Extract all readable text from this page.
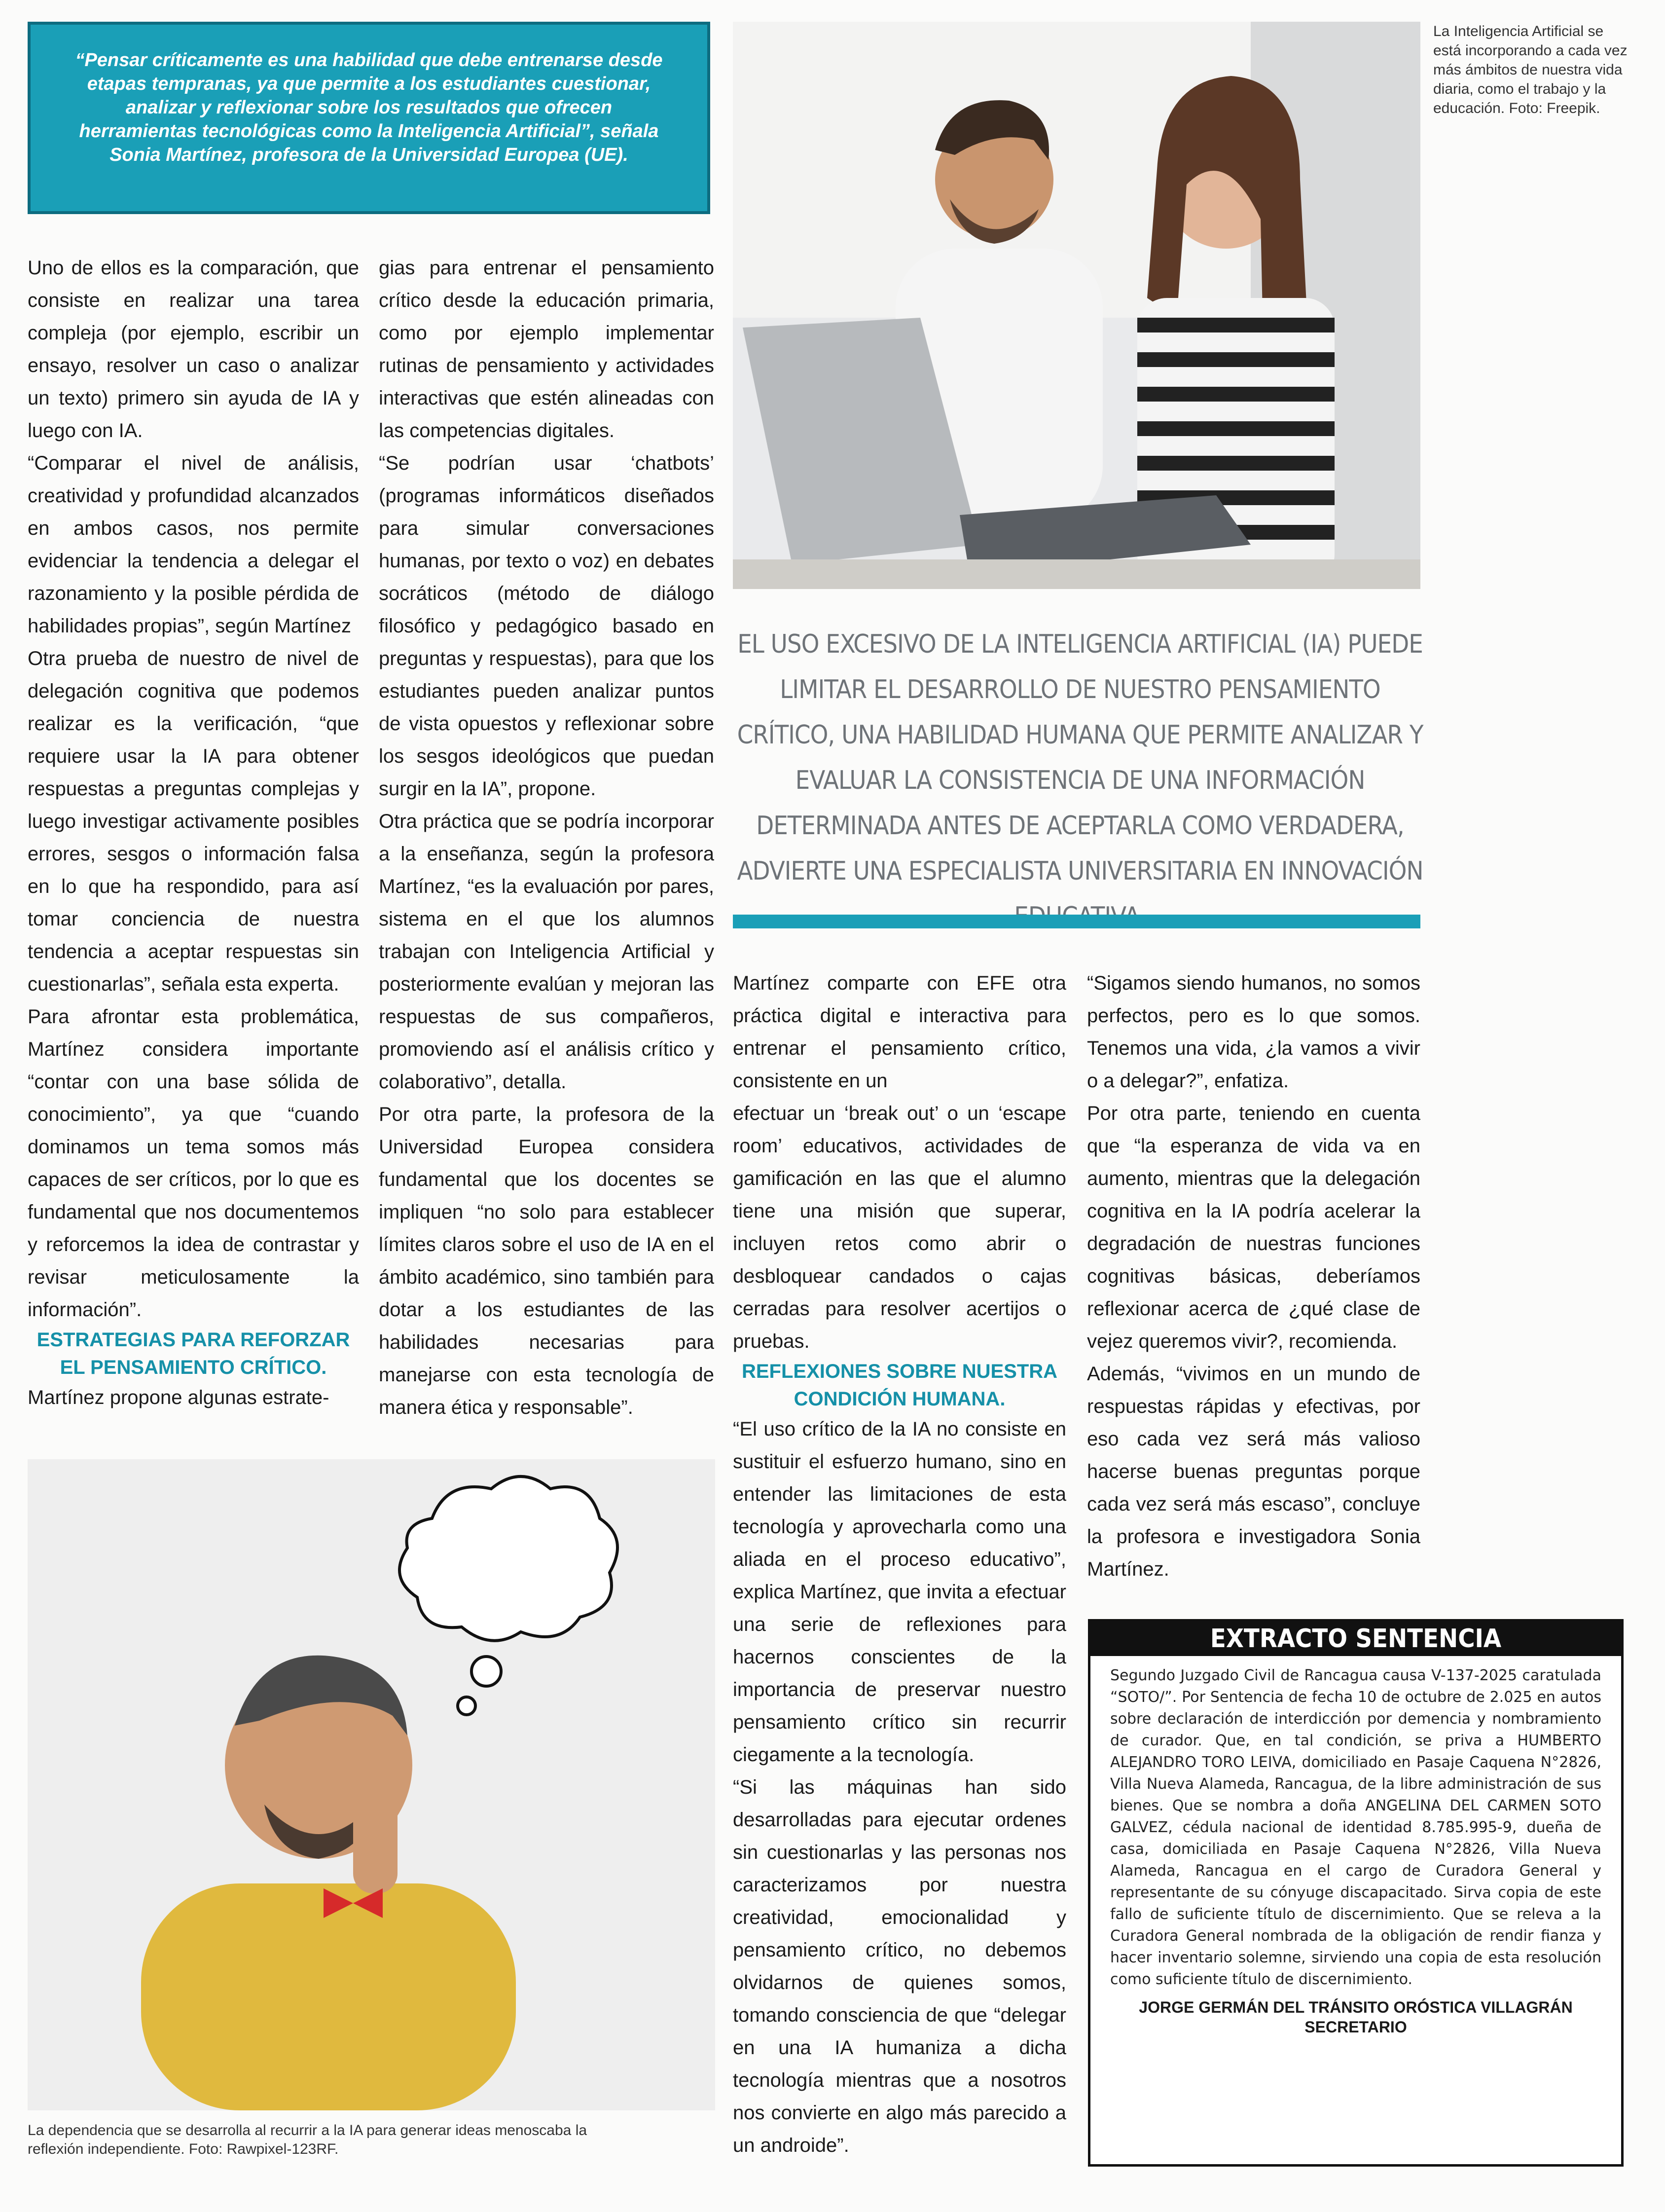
“Pensar críticamente es una habilidad que debe entrenarse desde etapas tempranas, ya que permite a los estudiantes cuestionar, analizar y reflexionar sobre los resultados que ofrecen herramientas tecnológicas como la Inteligencia Artificial”, señala Sonia Martínez, profesora de la Universidad Europea (UE).
La Inteligencia Artificial se está incorporando a cada vez más ámbitos de nuestra vida diaria, como el trabajo y la educación. Foto: Freepik.

Uno de ellos es la comparación, que consiste en realizar una tarea compleja (por ejemplo, escribir un ensayo, resolver un caso o analizar un texto) primero sin ayuda de IA y luego con IA.

“Comparar el nivel de análisis, creatividad y profundidad alcanzados en ambos casos, nos permite evidenciar la tendencia a delegar el razonamiento y la posible pérdida de habilidades propias”, según Martínez

Otra prueba de nuestro de nivel de delegación cognitiva que podemos realizar es la verificación, “que requiere usar la IA para obtener respuestas a preguntas complejas y luego investigar activamente posibles errores, sesgos o información falsa en lo que ha respondido, para así tomar conciencia de nuestra tendencia a aceptar respuestas sin cuestionarlas”, señala esta experta.

Para afrontar esta problemática, Martínez considera importante “contar con una base sólida de conocimiento”, ya que “cuando dominamos un tema somos más capaces de ser críticos, por lo que es fundamental que nos documentemos y reforcemos la idea de contrastar y revisar meticulosamente la información”.

ESTRATEGIAS PARA REFORZAR EL PENSAMIENTO CRÍTICO.

Martínez propone algunas estrate-

gias para entrenar el pensamiento crítico desde la educación primaria, como por ejemplo implementar rutinas de pensamiento y actividades interactivas que estén alineadas con las competencias digitales.

“Se podrían usar ‘chatbots’ (programas informáticos diseñados para simular conversaciones humanas, por texto o voz) en debates socráticos (método de diálogo filosófico y pedagógico basado en preguntas y respuestas), para que los estudiantes pueden analizar puntos de vista opuestos y reflexionar sobre los sesgos ideológicos que puedan surgir en la IA”, propone.

Otra práctica que se podría incorporar a la enseñanza, según la profesora Martínez, “es la evaluación por pares, sistema en el que los alumnos trabajan con Inteligencia Artificial y posteriormente evalúan y mejoran las respuestas de sus compañeros, promoviendo así el análisis crítico y colaborativo”, detalla.

Por otra parte, la profesora de la Universidad Europea considera fundamental que los docentes se impliquen “no solo para establecer límites claros sobre el uso de IA en el ámbito académico, sino también para dotar a los estudiantes de las habilidades necesarias para manejarse con esta tecnología de manera ética y responsable”.

EL USO EXCESIVO DE LA INTELIGENCIA ARTIFICIAL (IA) PUEDE LIMITAR EL DESARROLLO DE NUESTRO PENSAMIENTO CRÍTICO, UNA HABILIDAD HUMANA QUE PERMITE ANALIZAR Y EVALUAR LA CONSISTENCIA DE UNA INFORMACIÓN DETERMINADA ANTES DE ACEPTARLA COMO VERDADERA, ADVIERTE UNA ESPECIALISTA UNIVERSITARIA EN INNOVACIÓN

Martínez comparte con EFE otra práctica digital e interactiva para entrenar el pensamiento crítico, consistente en un

efectuar un ‘break out’ o un ‘escape room’ educativos, actividades de gamificación en las que el alumno tiene una misión que superar, incluyen retos como abrir o desbloquear candados o cajas cerradas para resolver acertijos o pruebas.

REFLEXIONES SOBRE NUESTRA CONDICIÓN HUMANA.

“El uso crítico de la IA no consiste en sustituir el esfuerzo humano, sino en entender las limitaciones de esta tecnología y aprovecharla como una aliada en el proceso educativo”, explica Martínez, que invita a efectuar una serie de reflexiones para hacernos conscientes de la importancia de preservar nuestro pensamiento crítico sin recurrir ciegamente a la tecnología.

“Si las máquinas han sido desarrolladas para ejecutar ordenes sin cuestionarlas y las personas nos caracterizamos por nuestra creatividad, emocionalidad y pensamiento crítico, no debemos olvidarnos de quienes somos, tomando consciencia de que “delegar en una IA humaniza a dicha tecnología mientras que a nosotros nos convierte en algo más parecido a un androide”.

“Sigamos siendo humanos, no somos perfectos, pero es lo que somos. Tenemos una vida, ¿la vamos a vivir o a delegar?”, enfatiza.

Por otra parte, teniendo en cuenta que “la esperanza de vida va en aumento, mientras que la delegación cognitiva en la IA podría acelerar la degradación de nuestras funciones cognitivas básicas, deberíamos reflexionar acerca de ¿qué clase de vejez queremos vivir?, recomienda.

Además, “vivimos en un mundo de respuestas rápidas y efectivas, por eso cada vez será más valioso hacerse buenas preguntas porque cada vez será más escaso”, concluye la profesora e investigadora Sonia Martínez.

La dependencia que se desarrolla al recurrir a la IA para generar ideas menoscaba la reflexión independiente. Foto: Rawpixel-123RF.
EXTRACTO SENTENCIA
Segundo Juzgado Civil de Rancagua causa V-137-2025 caratulada “SOTO/”. Por Sentencia de fecha 10 de octubre de 2.025 en autos sobre declaración de interdicción por demencia y nombramiento de curador. Que, en tal condición, se priva a HUMBERTO ALEJANDRO TORO LEIVA, domiciliado en Pasaje Caquena N°2826, Villa Nueva Alameda, Rancagua, de la libre administración de sus bienes. Que se nombra a doña ANGELINA DEL CARMEN SOTO GALVEZ, cédula nacional de identidad 8.785.995-9, dueña de casa, domiciliada en Pasaje Caquena N°2826, Villa Nueva Alameda, Rancagua en el cargo de Curadora General y representante de su cónyuge discapacitado. Sirva copia de este fallo de suficiente título de discernimiento. Que se releva a la Curadora General nombrada de la obligación de rendir fianza y hacer inventario solemne, sirviendo una copia de esta resolución como suficiente título de discernimiento.
JORGE GERMÁN DEL TRÁNSITO ORÓSTICA VILLAGRÁN
SECRETARIO
